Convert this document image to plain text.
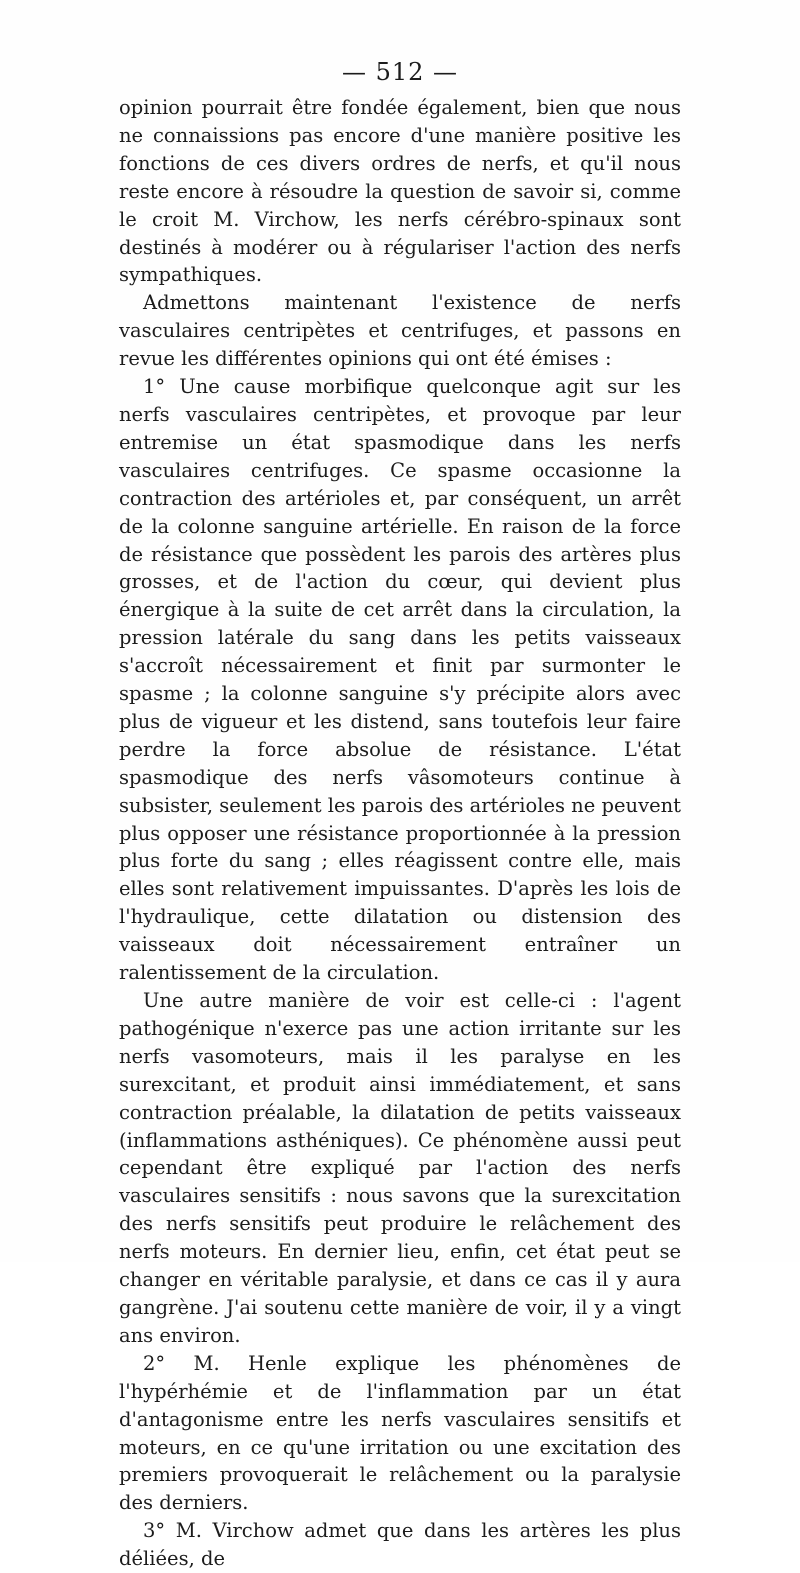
— 512 —

opinion pourrait être fondée également, bien que nous ne connaissions pas encore d'une manière positive les fonctions de ces divers ordres de nerfs, et qu'il nous reste encore à résoudre la question de savoir si, comme le croit M. Virchow, les nerfs cérébro-spinaux sont destinés à modérer ou à régulariser l'action des nerfs sympathiques.

Admettons maintenant l'existence de nerfs vasculaires centripètes et centrifuges, et passons en revue les différentes opinions qui ont été émises :

1° Une cause morbifique quelconque agit sur les nerfs vasculaires centripètes, et provoque par leur entremise un état spasmodique dans les nerfs vasculaires centrifuges. Ce spasme occasionne la contraction des artérioles et, par conséquent, un arrêt de la colonne sanguine artérielle. En raison de la force de résistance que possèdent les parois des artères plus grosses, et de l'action du cœur, qui devient plus énergique à la suite de cet arrêt dans la circulation, la pression latérale du sang dans les petits vaisseaux s'accroît nécessairement et finit par surmonter le spasme ; la colonne sanguine s'y précipite alors avec plus de vigueur et les distend, sans toutefois leur faire perdre la force absolue de résistance. L'état spasmodique des nerfs vâsomoteurs continue à subsister, seulement les parois des artérioles ne peuvent plus opposer une résistance proportionnée à la pression plus forte du sang ; elles réagissent contre elle, mais elles sont relativement impuissantes. D'après les lois de l'hydraulique, cette dilatation ou distension des vaisseaux doit nécessairement entraîner un ralentissement de la circulation.

Une autre manière de voir est celle-ci : l'agent pathogénique n'exerce pas une action irritante sur les nerfs vasomoteurs, mais il les paralyse en les surexcitant, et produit ainsi immédiatement, et sans contraction préalable, la dilatation de petits vaisseaux (inflammations asthéniques). Ce phénomène aussi peut cependant être expliqué par l'action des nerfs vasculaires sensitifs : nous savons que la surexcitation des nerfs sensitifs peut produire le relâchement des nerfs moteurs. En dernier lieu, enfin, cet état peut se changer en véritable paralysie, et dans ce cas il y aura gangrène. J'ai soutenu cette manière de voir, il y a vingt ans environ.

2° M. Henle explique les phénomènes de l'hypérhémie et de l'inflammation par un état d'antagonisme entre les nerfs vasculaires sensitifs et moteurs, en ce qu'une irritation ou une excitation des premiers provoquerait le relâchement ou la paralysie des derniers.

3° M. Virchow admet que dans les artères les plus déliées, de
